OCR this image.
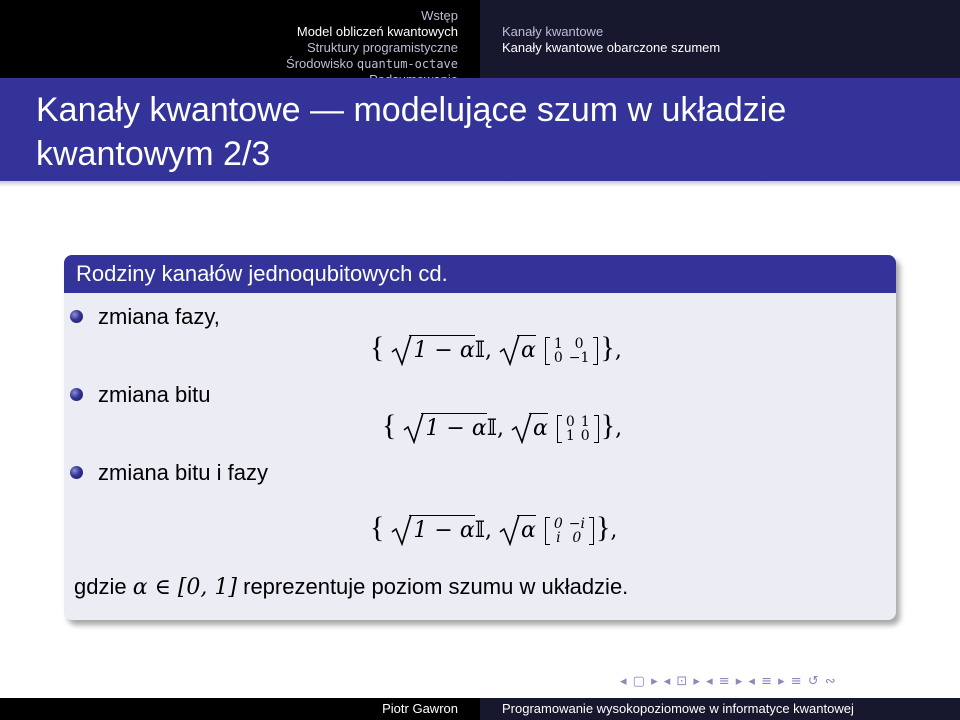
Wstęp
Model obliczeń kwantowych
Struktury programistyczne
Środowisko quantum-octave
Kanały kwantowe
Kanały kwantowe obarczone szumem
Kanały kwantowe — modelujące szum w układzie kwantowym 2/3
Rodziny kanałów jednoqubitowych cd.
zmiana fazy,
zmiana bitu
zmiana bitu i fazy
{ 1 − α𝕀, α 1	0
0	−1 },
{ 1 − α𝕀, α 0	1
1	0 },
{ 1 − α𝕀, α 0	−i
i	0 },
gdzie α ∈ [0, 1] reprezentuje poziom szumu w układzie.
◂ ▢ ▸ ◂ ⊡ ▸ ◂ ≡ ▸ ◂ ≡ ▸ ≡ ↺ ∾
Piotr Gawron	Programowanie wysokopoziomowe w informatyce kwantowej
